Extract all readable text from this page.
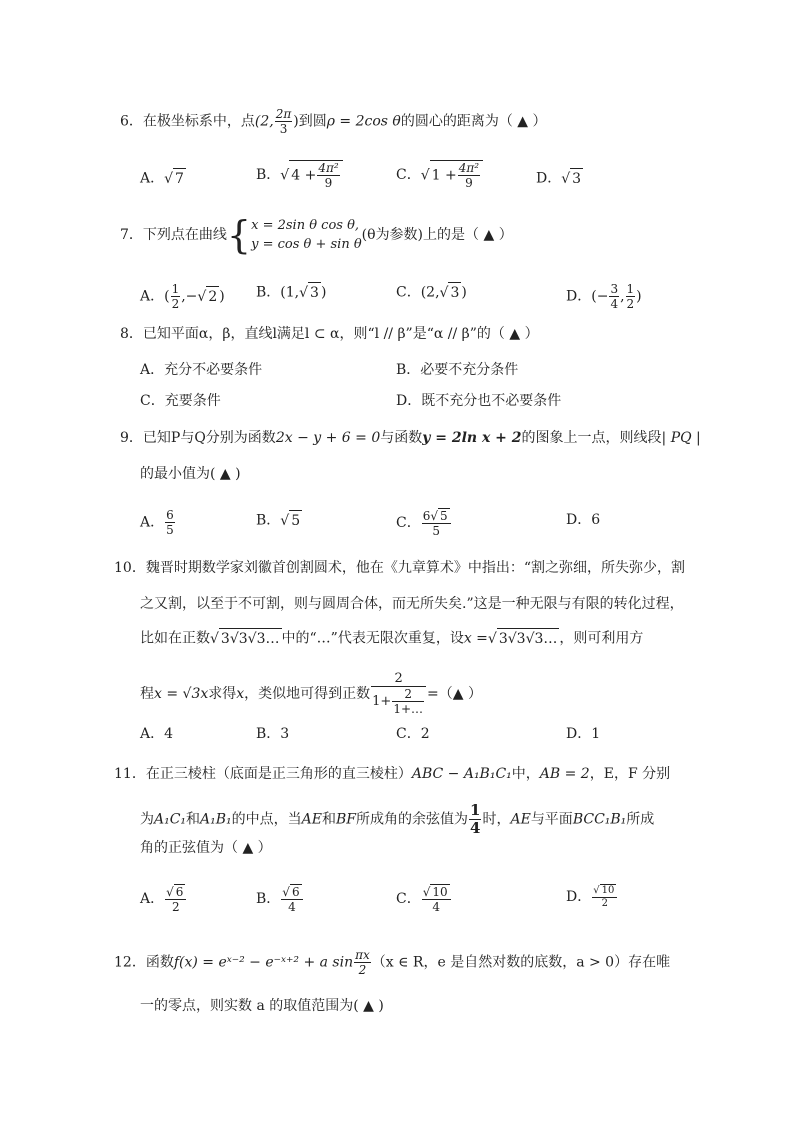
6．在极坐标系中，点(2, $\frac{2\pi}{3}$ )到圆ρ = 2cos θ的圆心的距离为（ ▲ ）
A．√ 7	B．√ $4 + \frac{\text{4π²}}{9}$	C．√ $1 + \frac{\text{4π²}}{9}$	D．√ 3
7．下列点在曲线{ x = 2sin θ cos θ,
y = cos θ + sin θ
(θ为参数)上的是（ ▲ ）
A．( $\frac{1}{2}$ ,−√ 2 ) B．(1,√ 3 )	C．(2,√ 3 )	D．(− $\frac{3}{4}$ , $\frac{1}{2}$ )
8．已知平面α，β，直线l满足l ⊂ α，则“l // β”是“α // β”的（ ▲ ）
A．充分不必要条件	B．必要不充分条件
C．充要条件	D．既不充分也不必要条件
9．已知P与Q分别为函数2x − y + 6 = 0与函数y = 2ln x + 2的图象上一点，则线段| PQ |
的最小值为( ▲ )
A． $\frac{6}{5}$	B．√ 5	C． $\frac{6√ 5}{5}$	D．6
10．魏晋时期数学家刘徽首创割圆术，他在《九章算术》中指出：“割之弥细，所失弥少，割
之又割，以至于不可割，则与圆周合体，而无所失矣.”这是一种无限与有限的转化过程，
比如在正数√ 3√3√3… 中的“…”代表无限次重复，设x =√ 3√3√3… ，则可利用方
程x = √3x求得x，类似地可得到正数 $\frac{2}{1+ \frac{2}{1+\dots}}$ =（▲ ）
A．4	B．3	C．2	D．1
11．在正三棱柱（底面是正三角形的直三棱柱）ABC − A₁B₁C₁中，AB = 2，E，F 分别
为A₁C₁和A₁B₁的中点，当AE和BF所成角的余弦值为 $\frac{1}{4}$ 时，AE与平面BCC₁B₁所成
角的正弦值为（ ▲ ）
A． $\frac{√ 6}{2}$	B． $\frac{√ 6}{4}$	C． $\frac{√ 10}{4}$	D． $\frac{√ 10}{2}$
12．函数f(x) = eˣ⁻² − e⁻ˣ⁺² + a $\sin \frac{\pi x}{2} (x$ ∈ R，e 是自然对数的底数，a > 0）存在唯
一的零点，则实数 a 的取值范围为( ▲ )
